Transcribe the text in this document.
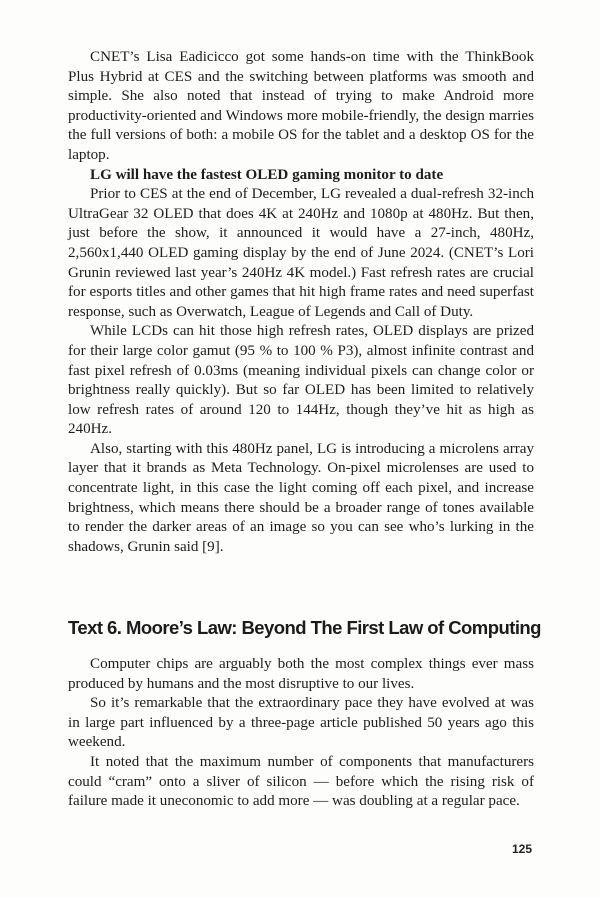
CNET’s Lisa Eadicicco got some hands-on time with the ThinkBook Plus Hybrid at CES and the switching between platforms was smooth and simple. She also noted that instead of trying to make Android more productivity-oriented and Windows more mobile-friendly, the design marries the full versions of both: a mobile OS for the tablet and a desktop OS for the laptop.

LG will have the fastest OLED gaming monitor to date

Prior to CES at the end of December, LG revealed a dual-refresh 32-inch UltraGear 32 OLED that does 4K at 240Hz and 1080p at 480Hz. But then, just before the show, it announced it would have a 27-inch, 480Hz, 2,560x1,440 OLED gaming display by the end of June 2024. (CNET’s Lori Grunin reviewed last year’s 240Hz 4K model.) Fast refresh rates are crucial for esports titles and other games that hit high frame rates and need superfast response, such as Overwatch, League of Legends and Call of Duty.

While LCDs can hit those high refresh rates, OLED displays are prized for their large color gamut (95 % to 100 % P3), almost infinite contrast and fast pixel refresh of 0.03ms (meaning individual pixels can change color or brightness really quickly). But so far OLED has been limited to relatively low refresh rates of around 120 to 144Hz, though they’ve hit as high as 240Hz.

Also, starting with this 480Hz panel, LG is introducing a microlens array layer that it brands as Meta Technology. On-pixel microlenses are used to concentrate light, in this case the light coming off each pixel, and increase brightness, which means there should be a broader range of tones available to render the darker areas of an image so you can see who’s lurking in the shadows, Grunin said [9].

Text 6. Moore’s Law: Beyond The First Law of Computing

Computer chips are arguably both the most complex things ever mass produced by humans and the most disruptive to our lives.

So it’s remarkable that the extraordinary pace they have evolved at was in large part influenced by a three-page article published 50 years ago this weekend.

It noted that the maximum number of components that manufacturers could “cram” onto a sliver of silicon — before which the rising risk of failure made it uneconomic to add more — was doubling at a regular pace.

125
